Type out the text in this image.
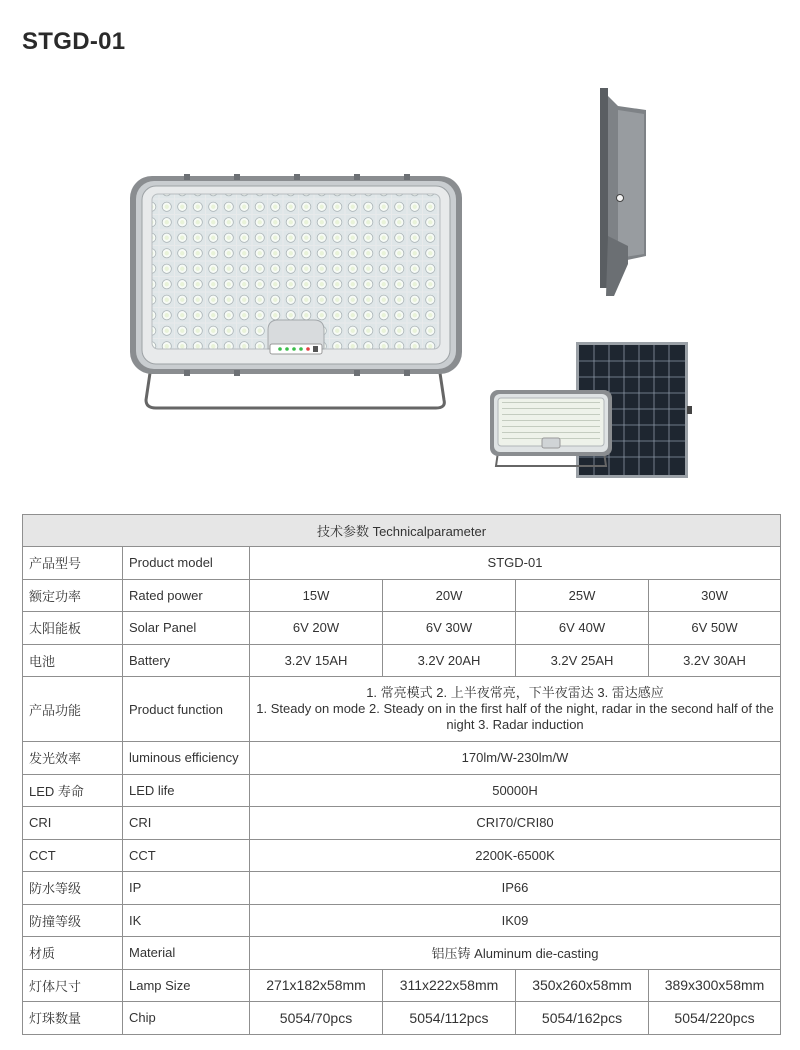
STGD-01
技术参数 Technicalparameter					
产品型号	Product model	STGD-01			
额定功率	Rated power	15W	20W	25W	30W
太阳能板	Solar Panel	6V 20W	6V 30W	6V 40W	6V 50W
电池	Battery	3.2V 15AH	3.2V 20AH	3.2V 25AH	3.2V 30AH
产品功能	Product function	1. 常亮模式 2. 上半夜常亮，下半夜雷达 3. 雷达感应
1. Steady on mode 2. Steady on in the first half of the night, radar in the second half of the night 3. Radar induction			

发光效率	luminous efficiency	170lm/W-230lm/W			
LED 寿命	LED life	50000H			
CRI	CRI	CRI70/CRI80			
CCT	CCT	2200K-6500K			
防水等级	IP	IP66			
防撞等级	IK	IK09			
材质	Material	铝压铸 Aluminum die-casting			
灯体尺寸	Lamp Size	271x182x58mm	311x222x58mm	350x260x58mm	389x300x58mm
灯珠数量	Chip	5054/70pcs	5054/112pcs	5054/162pcs	5054/220pcs
